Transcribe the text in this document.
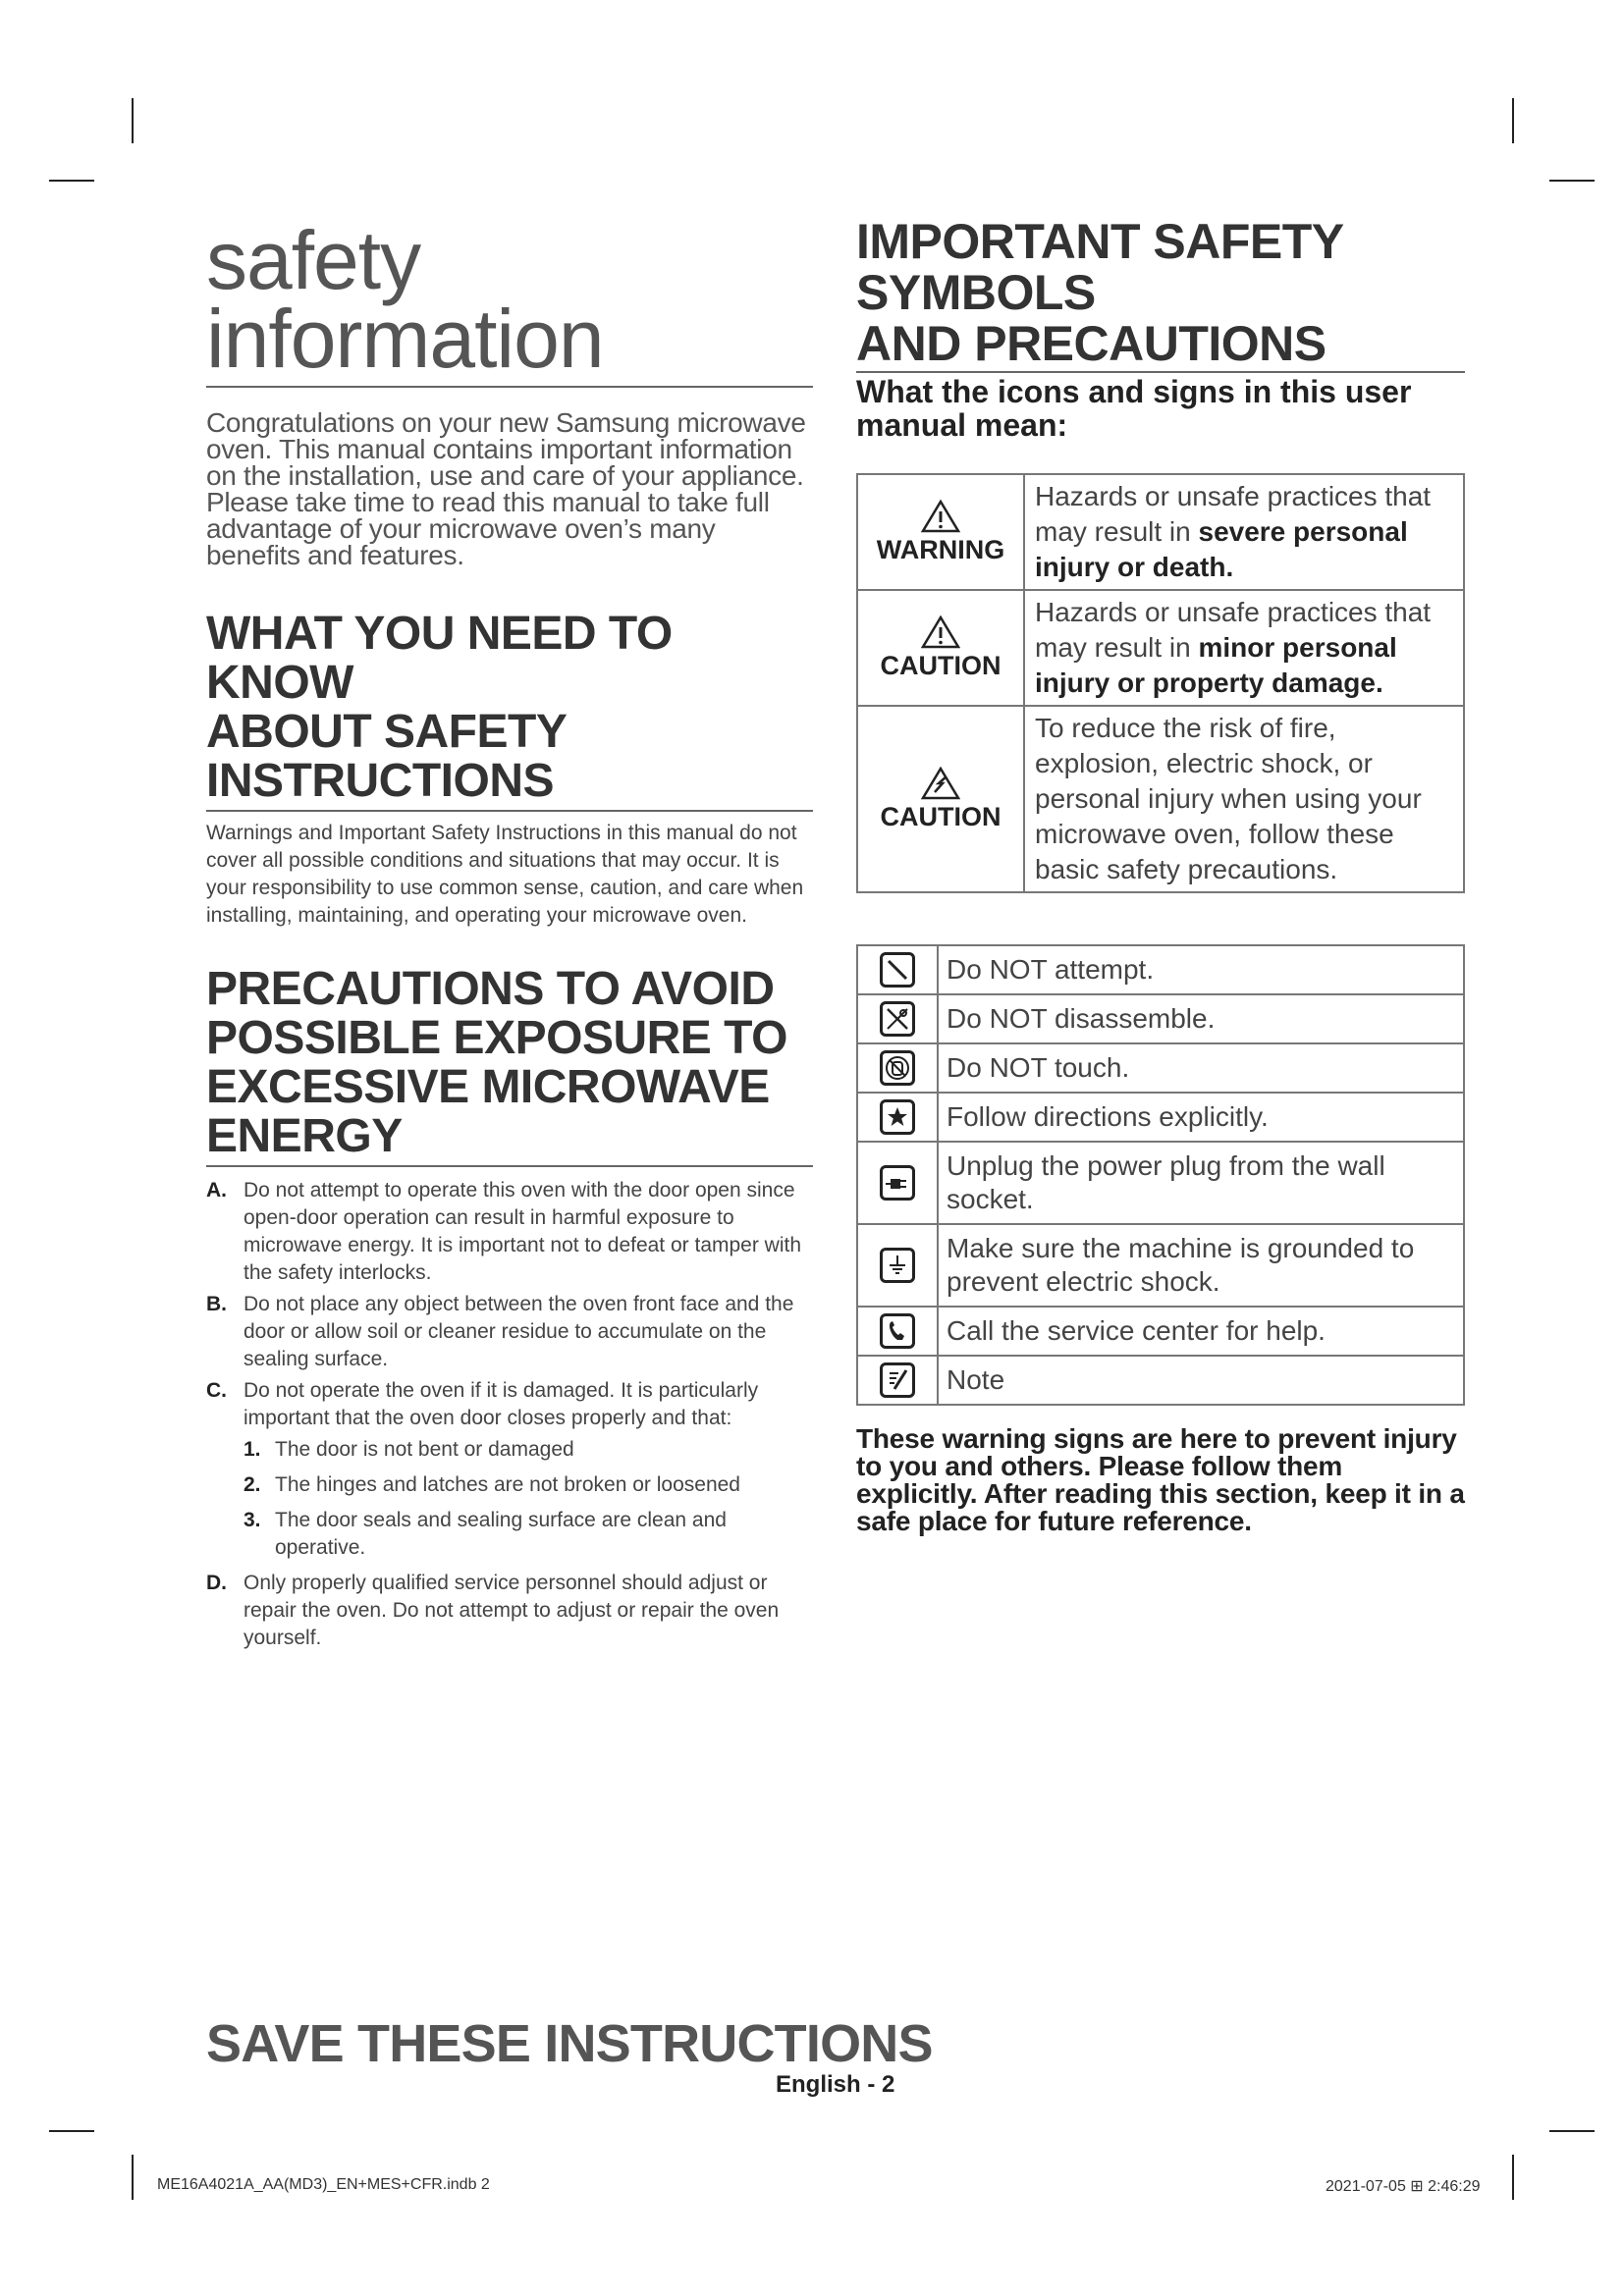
safety
information

Congratulations on your new Samsung microwave oven. This manual contains important information on the installation, use and care of your appliance. Please take time to read this manual to take full advantage of your microwave oven’s many benefits and features.

WHAT YOU NEED TO KNOW
ABOUT SAFETY INSTRUCTIONS

Warnings and Important Safety Instructions in this manual do not cover all possible conditions and situations that may occur. It is your responsibility to use common sense, caution, and care when installing, maintaining, and operating your microwave oven.

PRECAUTIONS TO AVOID
POSSIBLE EXPOSURE TO
EXCESSIVE MICROWAVE
ENERGY
A. Do not attempt to operate this oven with the door open since open-door operation can result in harmful exposure to microwave energy. It is important not to defeat or tamper with the safety interlocks.
B. Do not place any object between the oven front face and the door or allow soil or cleaner residue to accumulate on the sealing surface.
C. Do not operate the oven if it is damaged. It is particularly important that the oven door closes properly and that:
1. The door is not bent or damaged
2. The hinges and latches are not broken or loosened
3. The door seals and sealing surface are clean and operative.
D. Only properly qualified service personnel should adjust or repair the oven. Do not attempt to adjust or repair the oven yourself.
SAVE THESE INSTRUCTIONS
English - 2
ME16A4021A_AA(MD3)_EN+MES+CFR.indb 2	2021-07-05 ⊞ 2:46:29
IMPORTANT SAFETY SYMBOLS
AND PRECAUTIONS

What the icons and signs in this user manual mean:

WARNING	Hazards or unsafe practices that may result in severe personal injury or death.

CAUTION	Hazards or unsafe practices that may result in minor personal injury or property damage.

CAUTION	To reduce the risk of fire, explosion, electric shock, or personal injury when using your microwave oven, follow these basic safety precautions.
	Do NOT attempt.

	Do NOT disassemble.

	Do NOT touch.

	Follow directions explicitly.

	Unplug the power plug from the wall socket.

	Make sure the machine is grounded to prevent electric shock.

	Call the service center for help.

	Note

These warning signs are here to prevent injury to you and others. Please follow them explicitly. After reading this section, keep it in a safe place for future reference.
